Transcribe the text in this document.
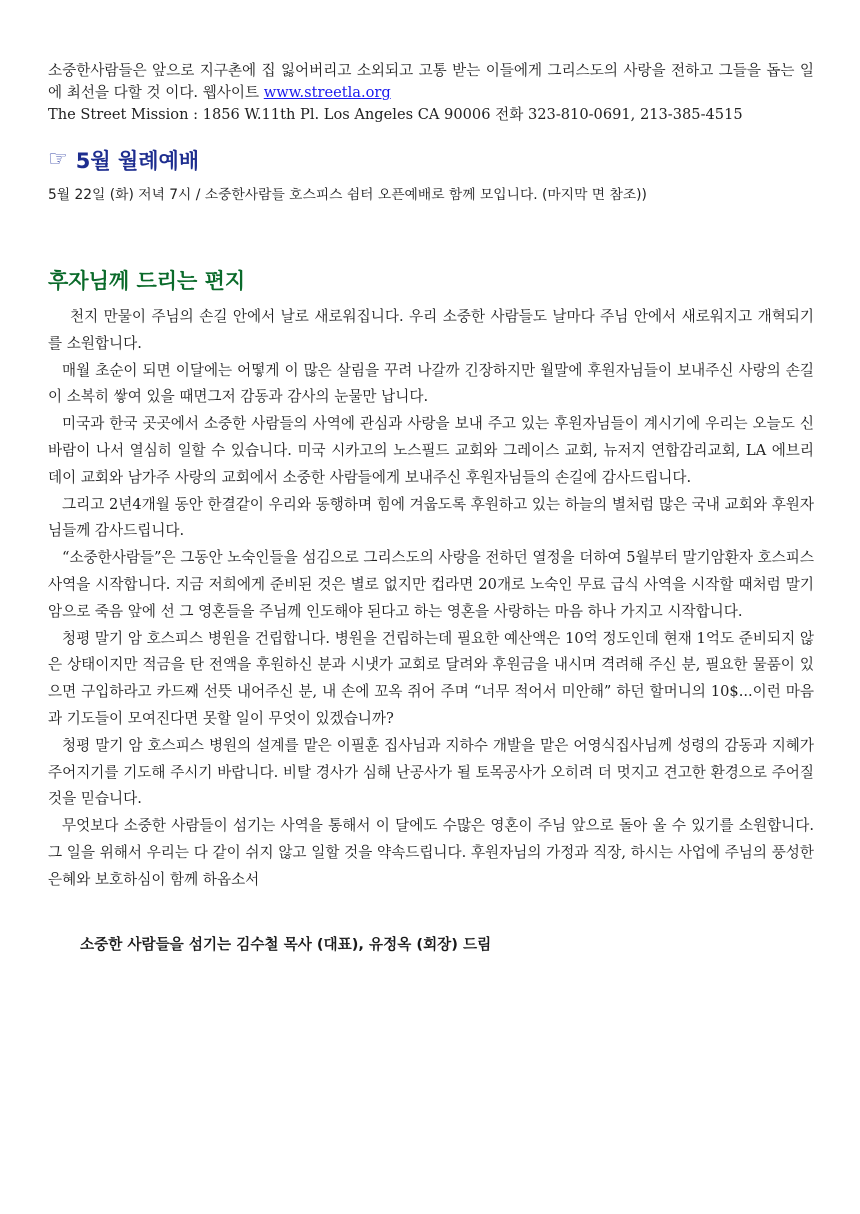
소중한사람들은 앞으로 지구촌에 집 잃어버리고 소외되고 고통 받는 이들에게 그리스도의 사랑을 전하고 그들을 돕는 일에 최선을 다할 것 이다. 웹사이트 www.streetla.org

The Street Mission : 1856 W.11th Pl. Los Angeles CA 90006 전화 323-810-0691, 213-385-4515

☞ 5월 월례예배
5월 22일 (화) 저녁 7시 / 소중한사람들 호스피스 쉼터 오픈예배로 함께 모입니다. (마지막 면 참조))
후자님께 드리는 편지

천지 만물이 주님의 손길 안에서 날로 새로워집니다. 우리 소중한 사람들도 날마다 주님 안에서 새로워지고 개혁되기를 소원합니다.

매월 초순이 되면 이달에는 어떻게 이 많은 살림을 꾸려 나갈까 긴장하지만 월말에 후원자님들이 보내주신 사랑의 손길이 소복히 쌓여 있을 때면그저 감동과 감사의 눈물만 납니다.

미국과 한국 곳곳에서 소중한 사람들의 사역에 관심과 사랑을 보내 주고 있는 후원자님들이 계시기에 우리는 오늘도 신바람이 나서 열심히 일할 수 있습니다. 미국 시카고의 노스필드 교회와 그레이스 교회, 뉴저지 연합감리교회, LA 에브리데이 교회와 남가주 사랑의 교회에서 소중한 사람들에게 보내주신 후원자님들의 손길에 감사드립니다.

그리고 2년4개월 동안 한결같이 우리와 동행하며 힘에 겨웁도록 후원하고 있는 하늘의 별처럼 많은 국내 교회와 후원자님들께 감사드립니다.

“소중한사람들”은 그동안 노숙인들을 섬김으로 그리스도의 사랑을 전하던 열정을 더하여 5월부터 말기암환자 호스피스 사역을 시작합니다. 지금 저희에게 준비된 것은 별로 없지만 컵라면 20개로 노숙인 무료 급식 사역을 시작할 때처럼 말기 암으로 죽음 앞에 선 그 영혼들을 주님께 인도해야 된다고 하는 영혼을 사랑하는 마음 하나 가지고 시작합니다.

청평 말기 암 호스피스 병원을 건립합니다. 병원을 건립하는데 필요한 예산액은 10억 정도인데 현재 1억도 준비되지 않은 상태이지만 적금을 탄 전액을 후원하신 분과 시냇가 교회로 달려와 후원금을 내시며 격려해 주신 분, 필요한 물품이 있으면 구입하라고 카드째 선뜻 내어주신 분, 내 손에 꼬옥 쥐어 주며 “너무 적어서 미안해” 하던 할머니의 10$...이런 마음과 기도들이 모여진다면 못할 일이 무엇이 있겠습니까?

청평 말기 암 호스피스 병원의 설계를 맡은 이필훈 집사님과 지하수 개발을 맡은 어영식집사님께 성령의 감동과 지혜가 주어지기를 기도해 주시기 바랍니다. 비탈 경사가 심해 난공사가 될 토목공사가 오히려 더 멋지고 견고한 환경으로 주어질 것을 믿습니다.

무엇보다 소중한 사람들이 섬기는 사역을 통해서 이 달에도 수많은 영혼이 주님 앞으로 돌아 올 수 있기를 소원합니다. 그 일을 위해서 우리는 다 같이 쉬지 않고 일할 것을 약속드립니다. 후원자님의 가정과 직장, 하시는 사업에 주님의 풍성한 은혜와 보호하심이 함께 하옵소서

소중한 사람들을 섬기는 김수철 목사 (대표), 유정옥 (회장) 드림
